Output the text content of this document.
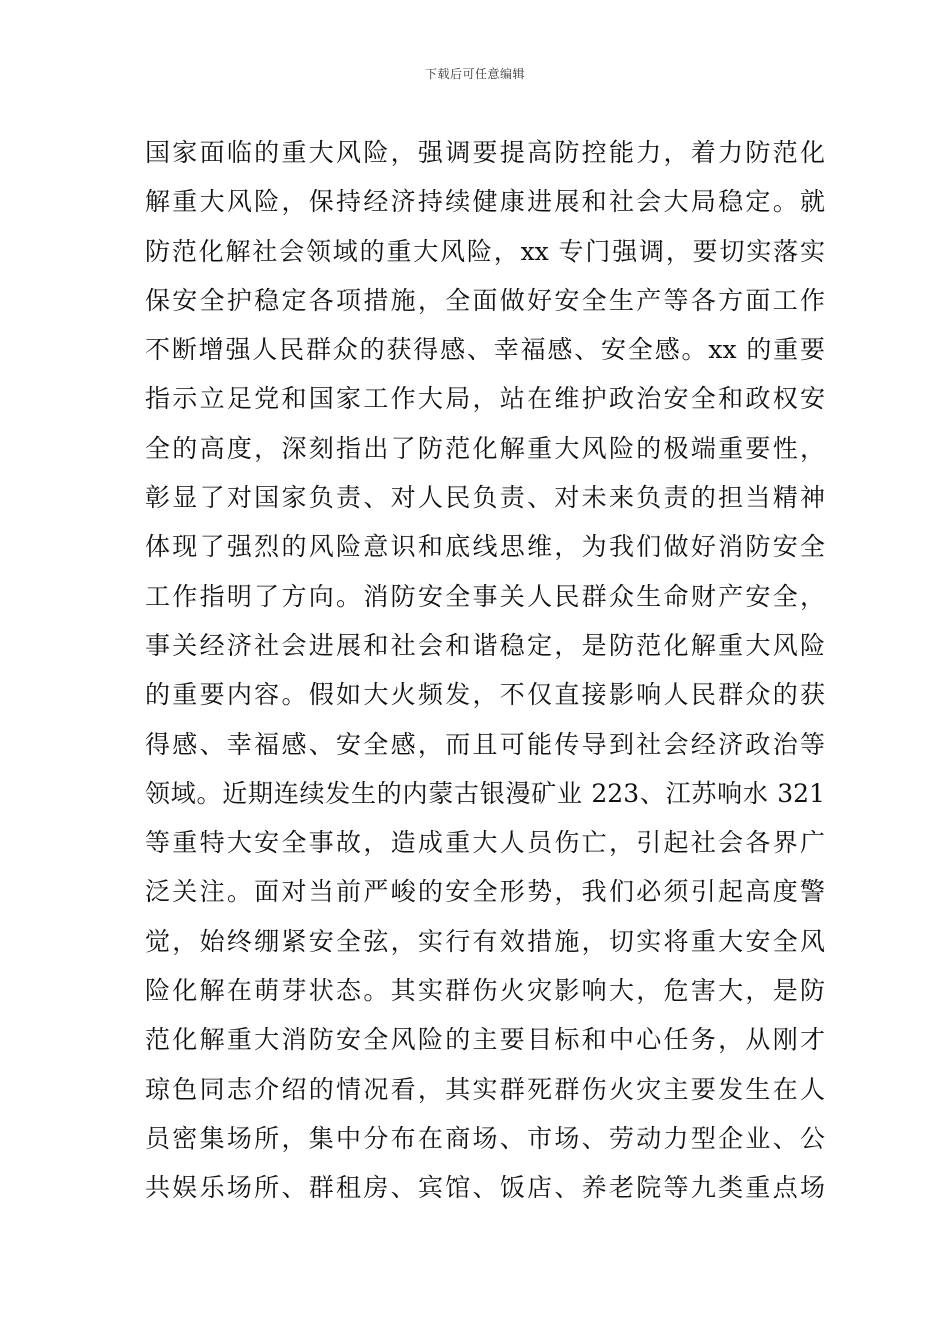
下载后可任意编辑
国家面临的重大风险，强调要提高防控能力，着力防范化
解重大风险，保持经济持续健康进展和社会大局稳定。就
防范化解社会领域的重大风险，xx 专门强调，要切实落实
保安全护稳定各项措施，全面做好安全生产等各方面工作
不断增强人民群众的获得感、幸福感、安全感。xx 的重要
指示立足党和国家工作大局，站在维护政治安全和政权安
全的高度，深刻指出了防范化解重大风险的极端重要性，
彰显了对国家负责、对人民负责、对未来负责的担当精神
体现了强烈的风险意识和底线思维，为我们做好消防安全
工作指明了方向。消防安全事关人民群众生命财产安全，
事关经济社会进展和社会和谐稳定，是防范化解重大风险
的重要内容。假如大火频发，不仅直接影响人民群众的获
得感、幸福感、安全感，而且可能传导到社会经济政治等
领域。近期连续发生的内蒙古银漫矿业 223、江苏响水 321
等重特大安全事故，造成重大人员伤亡，引起社会各界广
泛关注。面对当前严峻的安全形势，我们必须引起高度警
觉，始终绷紧安全弦，实行有效措施，切实将重大安全风
险化解在萌芽状态。其实群伤火灾影响大，危害大，是防
范化解重大消防安全风险的主要目标和中心任务，从刚才
琼色同志介绍的情况看，其实群死群伤火灾主要发生在人
员密集场所，集中分布在商场、市场、劳动力型企业、公
共娱乐场所、群租房、宾馆、饭店、养老院等九类重点场
